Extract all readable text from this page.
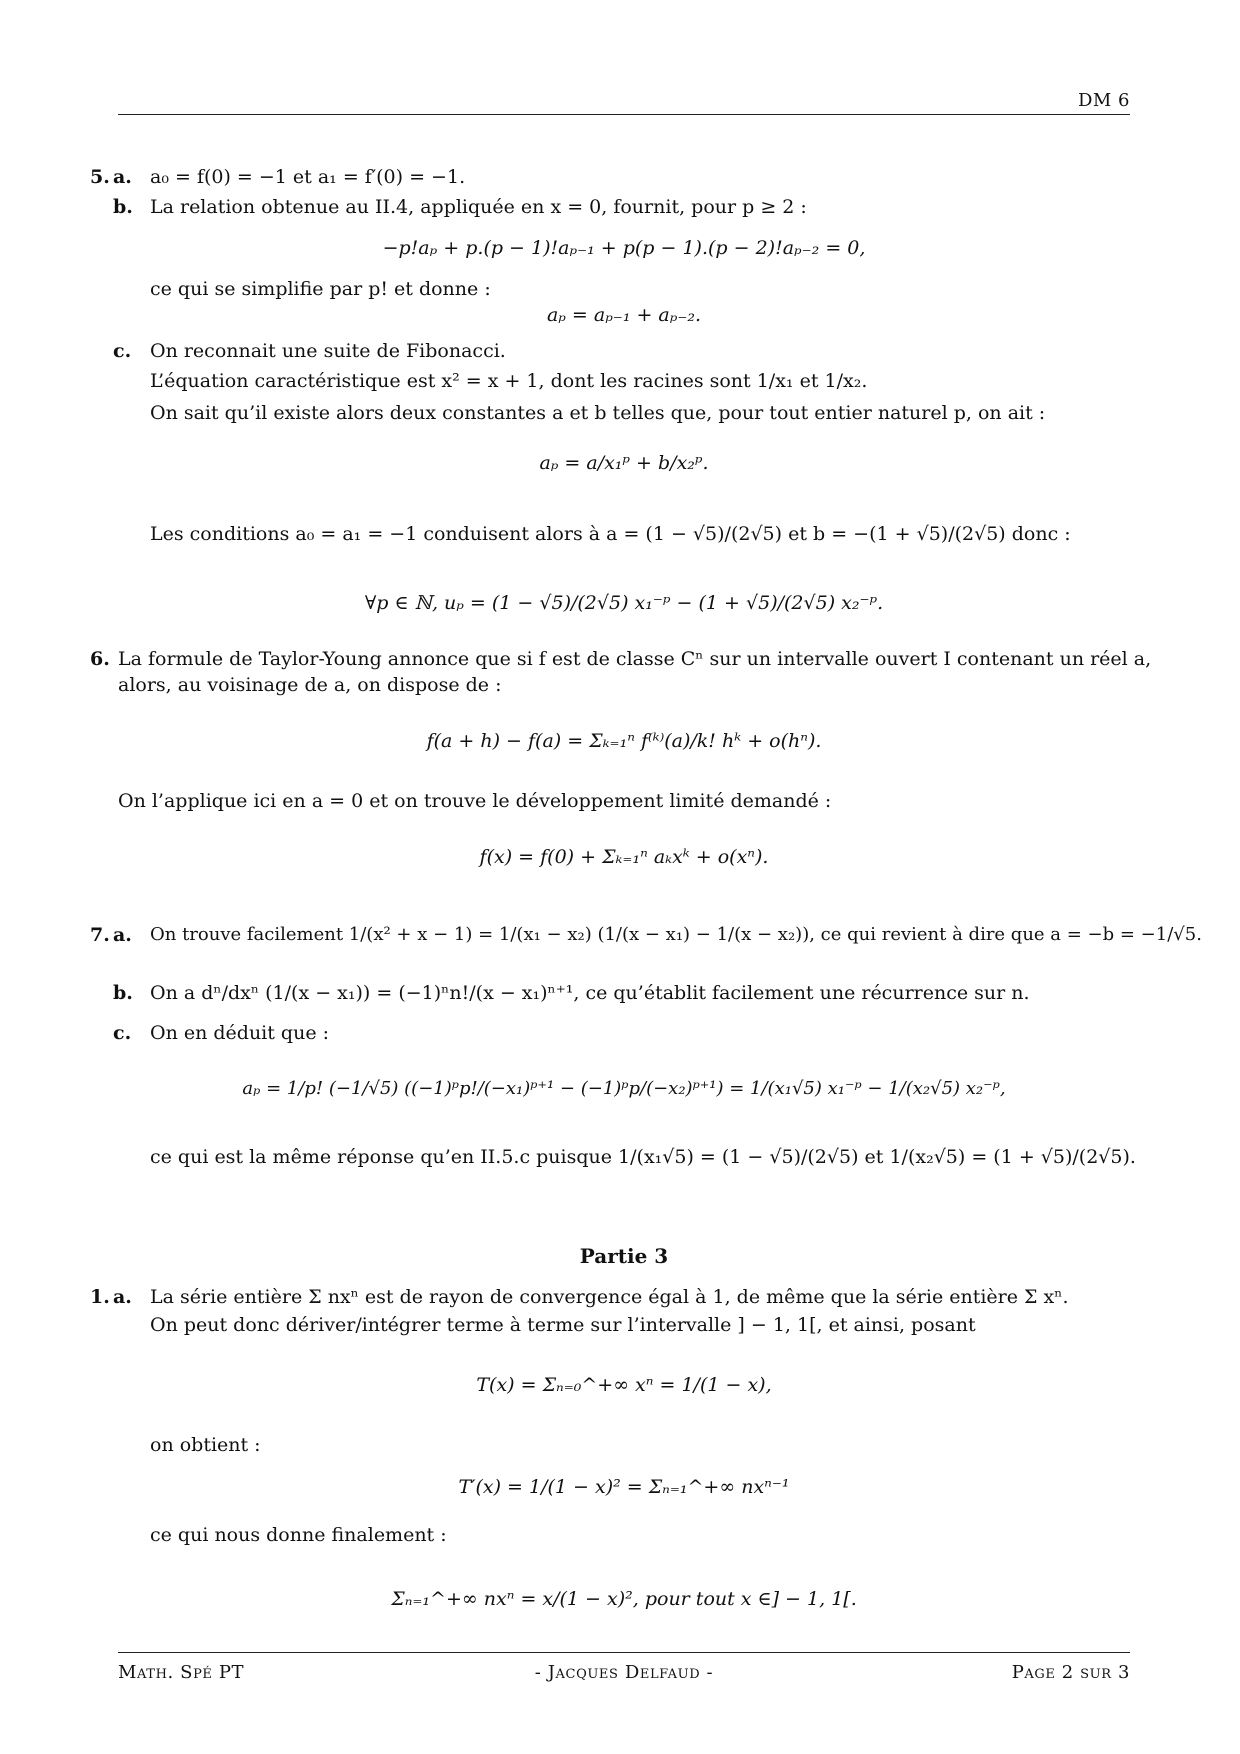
DM 6
5. a. a₀ = f(0) = −1 et a₁ = f′(0) = −1.
b. La relation obtenue au II.4, appliquée en x = 0, fournit, pour p ≥ 2 :
−p!aₚ + p.(p − 1)!aₚ₋₁ + p(p − 1).(p − 2)!aₚ₋₂ = 0,
ce qui se simplifie par p! et donne :
aₚ = aₚ₋₁ + aₚ₋₂.
c. On reconnait une suite de Fibonacci.
L’équation caractéristique est x² = x + 1, dont les racines sont 1/x₁ et 1/x₂.
On sait qu’il existe alors deux constantes a et b telles que, pour tout entier naturel p, on ait :
aₚ = a/x₁ᵖ + b/x₂ᵖ.
Les conditions a₀ = a₁ = −1 conduisent alors à a = (1 − √5)/(2√5) et b = −(1 + √5)/(2√5) donc :
∀p ∈ ℕ, uₚ = (1 − √5)/(2√5) x₁⁻ᵖ − (1 + √5)/(2√5) x₂⁻ᵖ.
6. La formule de Taylor-Young annonce que si f est de classe Cⁿ sur un intervalle ouvert I contenant un réel a,
alors, au voisinage de a, on dispose de :
f(a + h) − f(a) = Σₖ₌₁ⁿ f⁽ᵏ⁾(a)/k! hᵏ + o(hⁿ).
On l’applique ici en a = 0 et on trouve le développement limité demandé :
f(x) = f(0) + Σₖ₌₁ⁿ aₖxᵏ + o(xⁿ).
7. a. On trouve facilement 1/(x² + x − 1) = 1/(x₁ − x₂) (1/(x − x₁) − 1/(x − x₂)), ce qui revient à dire que a = −b = −1/√5.
b. On a dⁿ/dxⁿ (1/(x − x₁)) = (−1)ⁿn!/(x − x₁)ⁿ⁺¹, ce qu’établit facilement une récurrence sur n.
c. On en déduit que :
aₚ = 1/p! (−1/√5) ((−1)ᵖp!/(−x₁)ᵖ⁺¹ − (−1)ᵖp/(−x₂)ᵖ⁺¹) = 1/(x₁√5) x₁⁻ᵖ − 1/(x₂√5) x₂⁻ᵖ,
ce qui est la même réponse qu’en II.5.c puisque 1/(x₁√5) = (1 − √5)/(2√5) et 1/(x₂√5) = (1 + √5)/(2√5).
Partie 3
1. a. La série entière Σ nxⁿ est de rayon de convergence égal à 1, de même que la série entière Σ xⁿ.
On peut donc dériver/intégrer terme à terme sur l’intervalle ] − 1, 1[, et ainsi, posant
T(x) = Σₙ₌₀^+∞ xⁿ = 1/(1 − x),
on obtient :
T′(x) = 1/(1 − x)² = Σₙ₌₁^+∞ nxⁿ⁻¹
ce qui nous donne finalement :
Σₙ₌₁^+∞ nxⁿ = x/(1 − x)², pour tout x ∈] − 1, 1[.
Math. Spé PT	- Jacques Delfaud -	Page 2 sur 3
